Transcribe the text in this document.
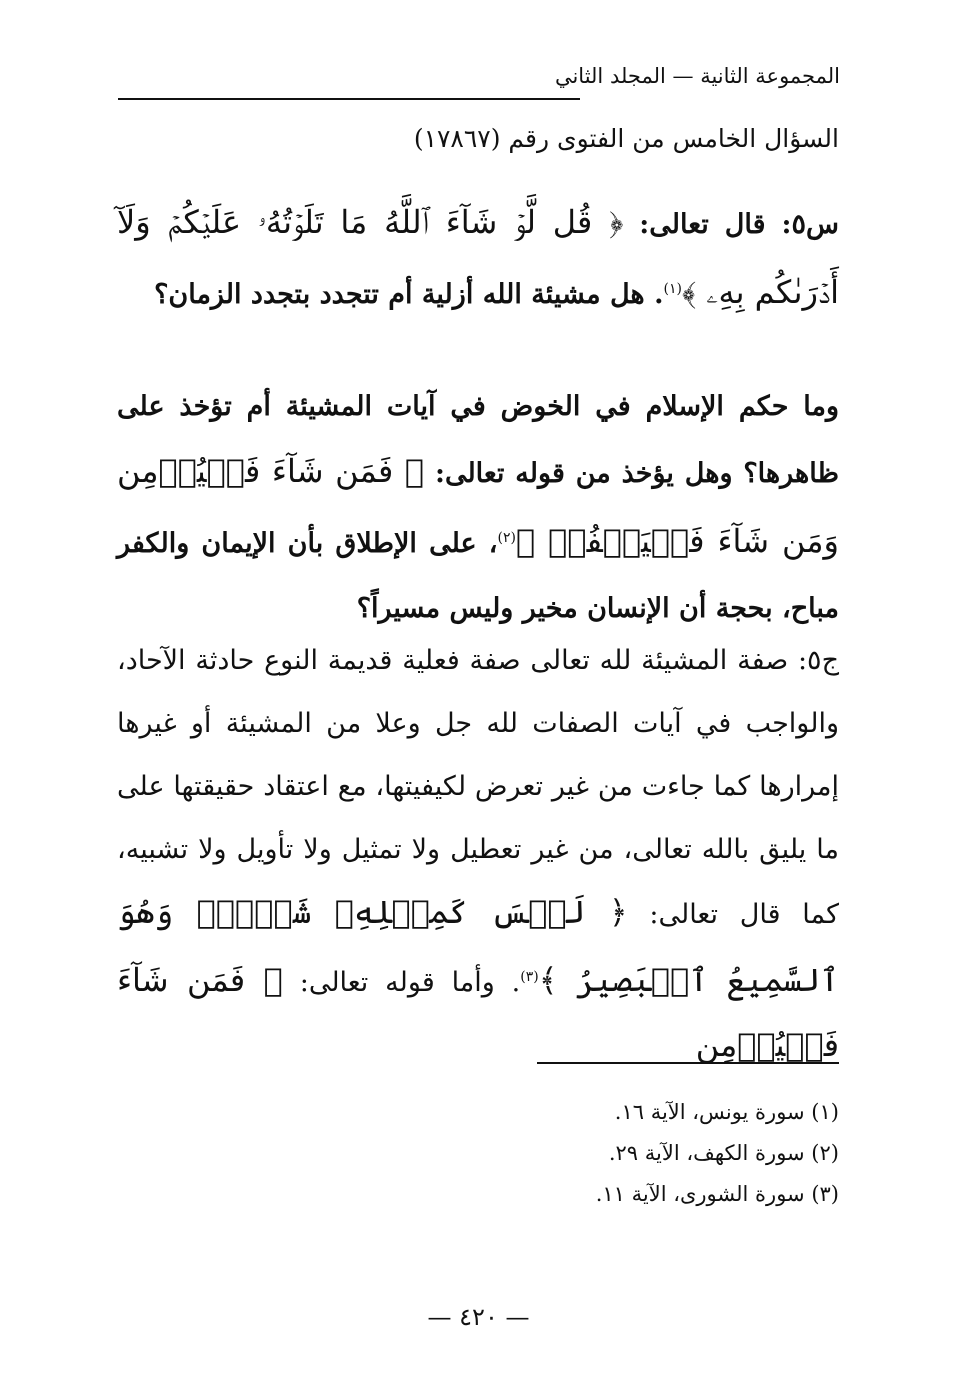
المجموعة الثانية — المجلد الثاني
السؤال الخامس من الفتوى رقم (١٧٨٦٧)

س٥: قال تعالى: ﴿ قُل لَّوۡ شَآءَ ٱللَّهُ مَا تَلَوۡتُهُۥ عَلَيۡكُمۡ وَلَآ أَدۡرَىٰكُم بِهِۦ ﴾$^{(١)}$. هل مشيئة الله أزلية أم تتجدد بتجدد الزمان؟

وما حكم الإسلام في الخوض في آيات المشيئة أم تؤخذ على ظاهرها؟ وهل يؤخذ من قوله تعالى: ﴿ فَمَن شَآءَ فَلۡيُؤۡمِن وَمَن شَآءَ فَلۡيَكۡفُرۡ ﴾$^{(٢)}$، على الإطلاق بأن الإيمان والكفر مباح، بحجة أن الإنسان مخير وليس مسيراً؟

ج٥: صفة المشيئة لله تعالى صفة فعلية قديمة النوع حادثة الآحاد، والواجب في آيات الصفات لله جل وعلا من المشيئة أو غيرها إمرارها كما جاءت من غير تعرض لكيفيتها، مع اعتقاد حقيقتها على ما يليق بالله تعالى، من غير تعطيل ولا تمثيل ولا تأويل ولا تشبيه، كما قال تعالى: ﴿ لَيۡسَ كَمِثۡلِهِۦ شَيۡءٞۖ وَهُوَ ٱلسَّمِيعُ ٱلۡبَصِيرُ ﴾$^{(٣)}$. وأما قوله تعالى: ﴿ فَمَن شَآءَ فَلۡيُؤۡمِن

(١) سورة يونس، الآية ١٦.
(٢) سورة الكهف، الآية ٢٩.
(٣) سورة الشورى، الآية ١١.
— ٤٢٠ —
